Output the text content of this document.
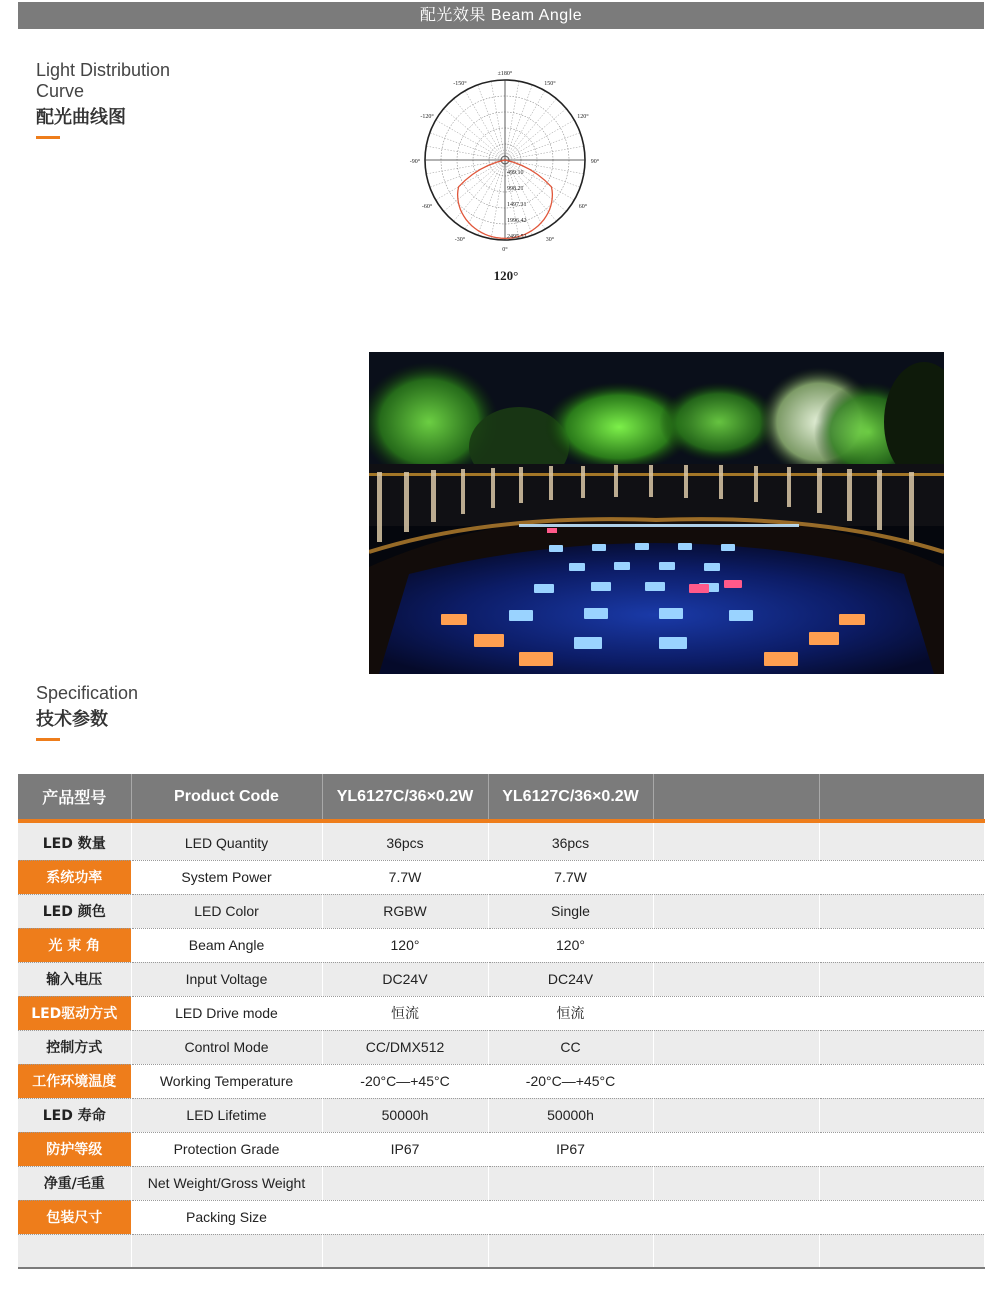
配光效果 Beam Angle
Light Distribution
Curve
配光曲线图
±180°
-150°	150°
-120°	120°
-90°	90°
-60°	60°
-30°	30°
0°
499.10
998.21
1497.31
1996.42
2495.52
120°
Specification
技术参数
产品型号	Product Code	YL6127C/36×0.2W	YL6127C/36×0.2W		

LED 数量	LED Quantity	36pcs	36pcs		
系统功率	System Power	7.7W	7.7W		
LED 颜色	LED Color	RGBW	Single		
光 束 角	Beam Angle	120°	120°		
输入电压	Input Voltage	DC24V	DC24V		
LED驱动方式	LED Drive mode	恒流	恒流		
控制方式	Control Mode	CC/DMX512	CC		
工作环境温度	Working Temperature	-20°C—+45°C	-20°C—+45°C		
LED 寿命	LED Lifetime	50000h	50000h		
防护等级	Protection Grade	IP67	IP67		
净重/毛重	Net Weight/Gross Weight				
包装尺寸	Packing Size				
